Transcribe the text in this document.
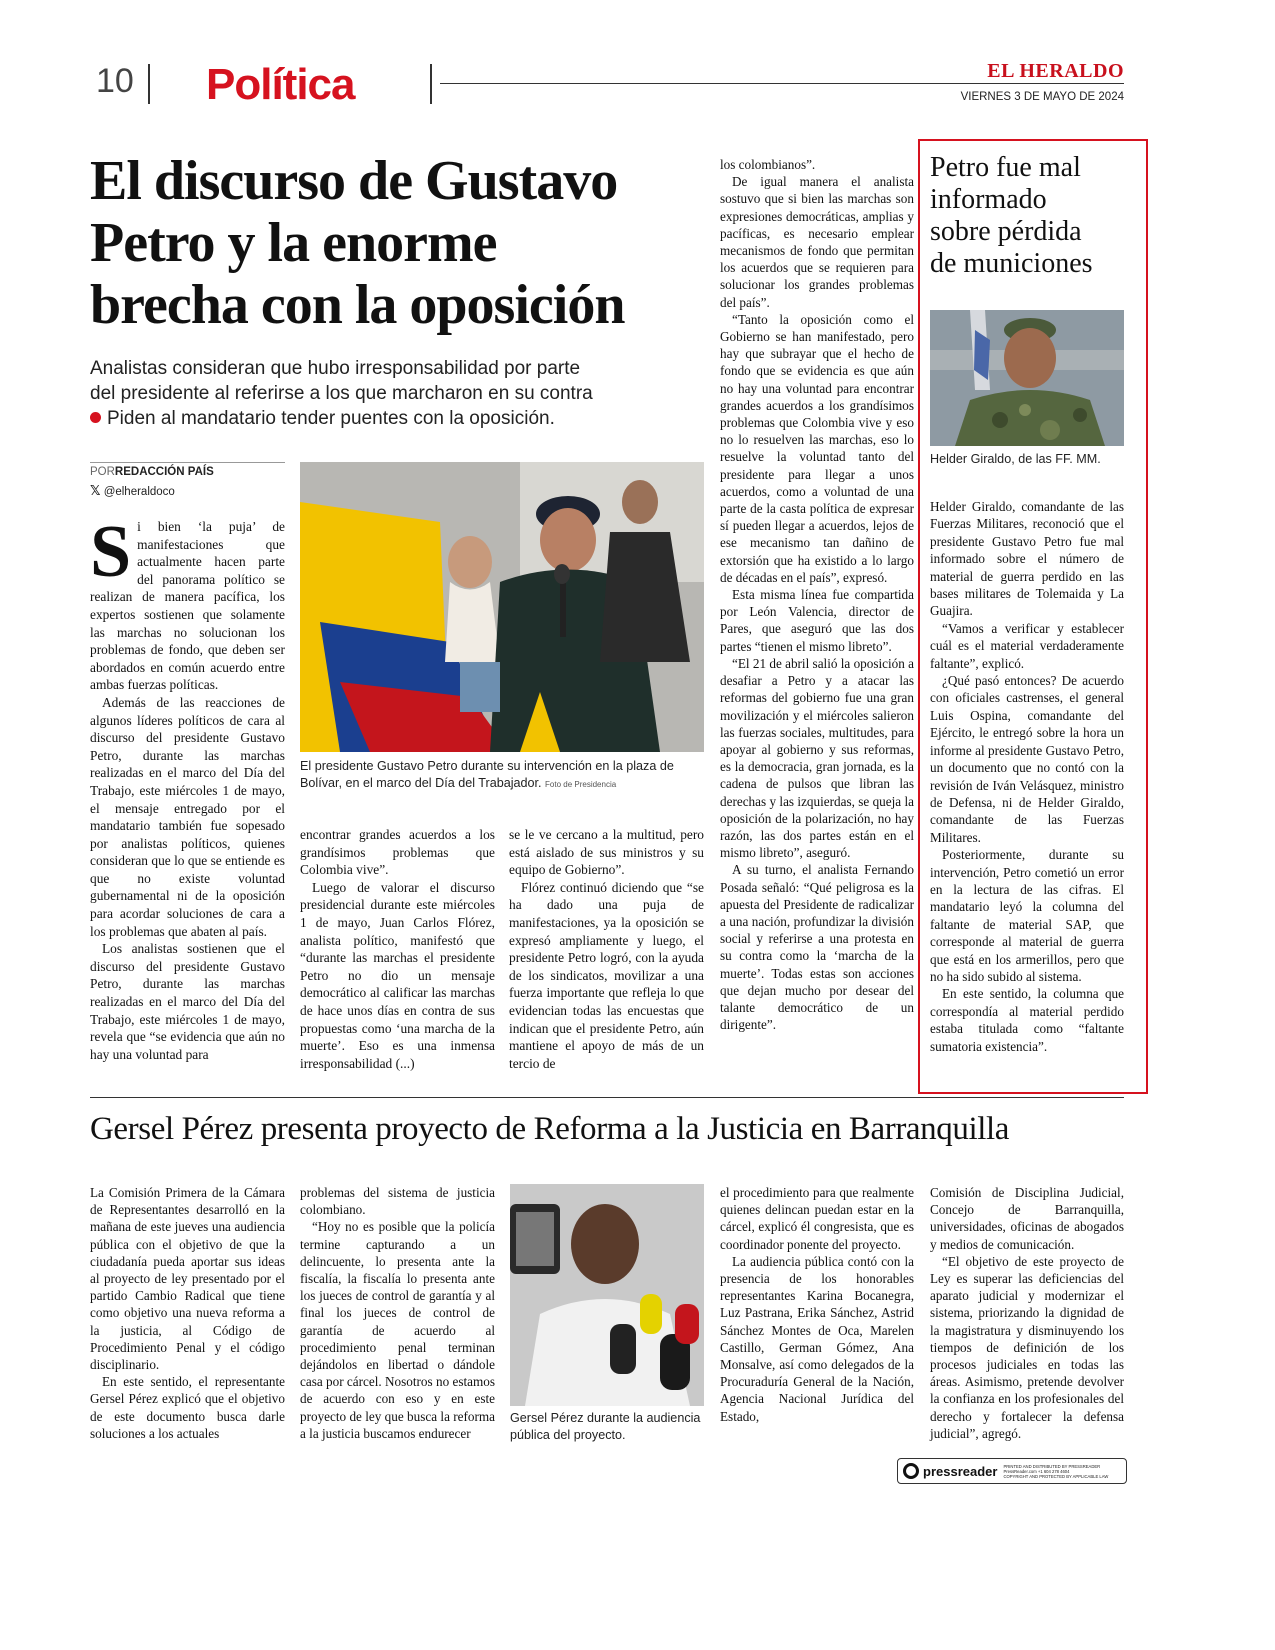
10 Política	EL HERALDO
VIERNES 3 DE MAYO DE 2024
El discurso de Gustavo
Petro y la enorme
brecha con la oposición
Analistas consideran que hubo irresponsabilidad por parte
del presidente al referirse a los que marcharon en su contra
Piden al mandatario tender puentes con la oposición.
PORREDACCIÓN PAÍS
𝕏 @elheraldoco

Si bien ‘la puja’ de manifestaciones que actualmente hacen parte del panorama político se realizan de manera pacífica, los expertos sostienen que solamente las marchas no solucionan los problemas de fondo, que deben ser abordados en común acuerdo entre ambas fuerzas políticas.

Además de las reacciones de algunos líderes políticos de cara al discurso del presidente Gustavo Petro, durante las marchas realizadas en el marco del Día del Trabajo, este miércoles 1 de mayo, el mensaje entregado por el mandatario también fue sopesado por analistas políticos, quienes consideran que lo que se entiende es que no existe voluntad gubernamental ni de la oposición para acordar soluciones de cara a los problemas que abaten al país.

Los analistas sostienen que el discurso del presidente Gustavo Petro, durante las marchas realizadas en el marco del Día del Trabajo, este miércoles 1 de mayo, revela que “se evidencia que aún no hay una voluntad para

El presidente Gustavo Petro durante su intervención en la plaza de Bolívar, en el marco del Día del Trabajador. Foto de Presidencia

encontrar grandes acuerdos a los grandísimos problemas que Colombia vive”.

Luego de valorar el discurso presidencial durante este miércoles 1 de mayo, Juan Carlos Flórez, analista político, manifestó que “durante las marchas el presidente Petro no dio un mensaje democrático al calificar las marchas de hace unos días en contra de sus propuestas como ‘una marcha de la muerte’. Eso es una inmensa irresponsabilidad (...)

se le ve cercano a la multitud, pero está aislado de sus ministros y su equipo de Gobierno”.

Flórez continuó diciendo que “se ha dado una puja de manifestaciones, ya la oposición se expresó ampliamente y luego, el presidente Petro logró, con la ayuda de los sindicatos, movilizar a una fuerza importante que refleja lo que evidencian todas las encuestas que indican que el presidente Petro, aún mantiene el apoyo de más de un tercio de

los colombianos”.

De igual manera el analista sostuvo que si bien las marchas son expresiones democráticas, amplias y pacíficas, es necesario emplear mecanismos de fondo que permitan los acuerdos que se requieren para solucionar los grandes problemas del país”.

“Tanto la oposición como el Gobierno se han manifestado, pero hay que subrayar que el hecho de fondo que se evidencia es que aún no hay una voluntad para encontrar grandes acuerdos a los grandísimos problemas que Colombia vive y eso no lo resuelven las marchas, eso lo resuelve la voluntad tanto del presidente para llegar a unos acuerdos, como a voluntad de una parte de la casta política de expresar sí pueden llegar a acuerdos, lejos de ese mecanismo tan dañino de extorsión que ha existido a lo largo de décadas en el país”, expresó.

Esta misma línea fue compartida por León Valencia, director de Pares, que aseguró que las dos partes “tienen el mismo libreto”.

“El 21 de abril salió la oposición a desafiar a Petro y a atacar las reformas del gobierno fue una gran movilización y el miércoles salieron las fuerzas sociales, multitudes, para apoyar al gobierno y sus reformas, es la democracia, gran jornada, es la cadena de pulsos que libran las derechas y las izquierdas, se queja la oposición de la polarización, no hay razón, las dos partes están en el mismo libreto”, aseguró.

A su turno, el analista Fernando Posada señaló: “Qué peligrosa es la apuesta del Presidente de radicalizar a una nación, profundizar la división social y referirse a una protesta en su contra como la ‘marcha de la muerte’. Todas estas son acciones que dejan mucho por desear del talante democrático de un dirigente”.

Petro fue mal
informado
sobre pérdida
de municiones
Helder Giraldo, de las FF. MM.

Helder Giraldo, comandante de las Fuerzas Militares, reconoció que el presidente Gustavo Petro fue mal informado sobre el número de material de guerra perdido en las bases militares de Tolemaida y La Guajira.

“Vamos a verificar y establecer cuál es el material verdaderamente faltante”, explicó.

¿Qué pasó entonces? De acuerdo con oficiales castrenses, el general Luis Ospina, comandante del Ejército, le entregó sobre la hora un informe al presidente Gustavo Petro, un documento que no contó con la revisión de Iván Velásquez, ministro de Defensa, ni de Helder Giraldo, comandante de las Fuerzas Militares.

Posteriormente, durante su intervención, Petro cometió un error en la lectura de las cifras. El mandatario leyó la columna del faltante de material SAP, que corresponde al material de guerra que está en los armerillos, pero que no ha sido subido al sistema.

En este sentido, la columna que correspondía al material perdido estaba titulada como “faltante sumatoria existencia”.

Gersel Pérez presenta proyecto de Reforma a la Justicia en Barranquilla

La Comisión Primera de la Cámara de Representantes desarrolló en la mañana de este jueves una audiencia pública con el objetivo de que la ciudadanía pueda aportar sus ideas al proyecto de ley presentado por el partido Cambio Radical que tiene como objetivo una nueva reforma a la justicia, al Código de Procedimiento Penal y el código disciplinario.

En este sentido, el representante Gersel Pérez explicó que el objetivo de este documento busca darle soluciones a los actuales

problemas del sistema de justicia colombiano.

“Hoy no es posible que la policía termine capturando a un delincuente, lo presenta ante la fiscalía, la fiscalía lo presenta ante los jueces de control de garantía y al final los jueces de control de garantía de acuerdo al procedimiento penal terminan dejándolos en libertad o dándole casa por cárcel. Nosotros no estamos de acuerdo con eso y en este proyecto de ley que busca la reforma a la justicia buscamos endurecer

Gersel Pérez durante la audiencia pública del proyecto.

el procedimiento para que realmente quienes delincan puedan estar en la cárcel, explicó él congresista, que es coordinador ponente del proyecto.

La audiencia pública contó con la presencia de los honorables representantes Karina Bocanegra, Luz Pastrana, Erika Sánchez, Astrid Sánchez Montes de Oca, Marelen Castillo, German Gómez, Ana Monsalve, así como delegados de la Procuraduría General de la Nación, Agencia Nacional Jurídica del Estado,

Comisión de Disciplina Judicial, Concejo de Barranquilla, universidades, oficinas de abogados y medios de comunicación.

“El objetivo de este proyecto de Ley es superar las deficiencias del aparato judicial y modernizar el sistema, priorizando la dignidad de la magistratura y disminuyendo los tiempos de definición de los procesos judiciales en todas las áreas. Asimismo, pretende devolver la confianza en los profesionales del derecho y fortalecer la defensa judicial”, agregó.

pressreader PRINTED AND DISTRIBUTED BY PRESSREADER
PressReader.com +1 604 278 4604
COPYRIGHT AND PROTECTED BY APPLICABLE LAW
